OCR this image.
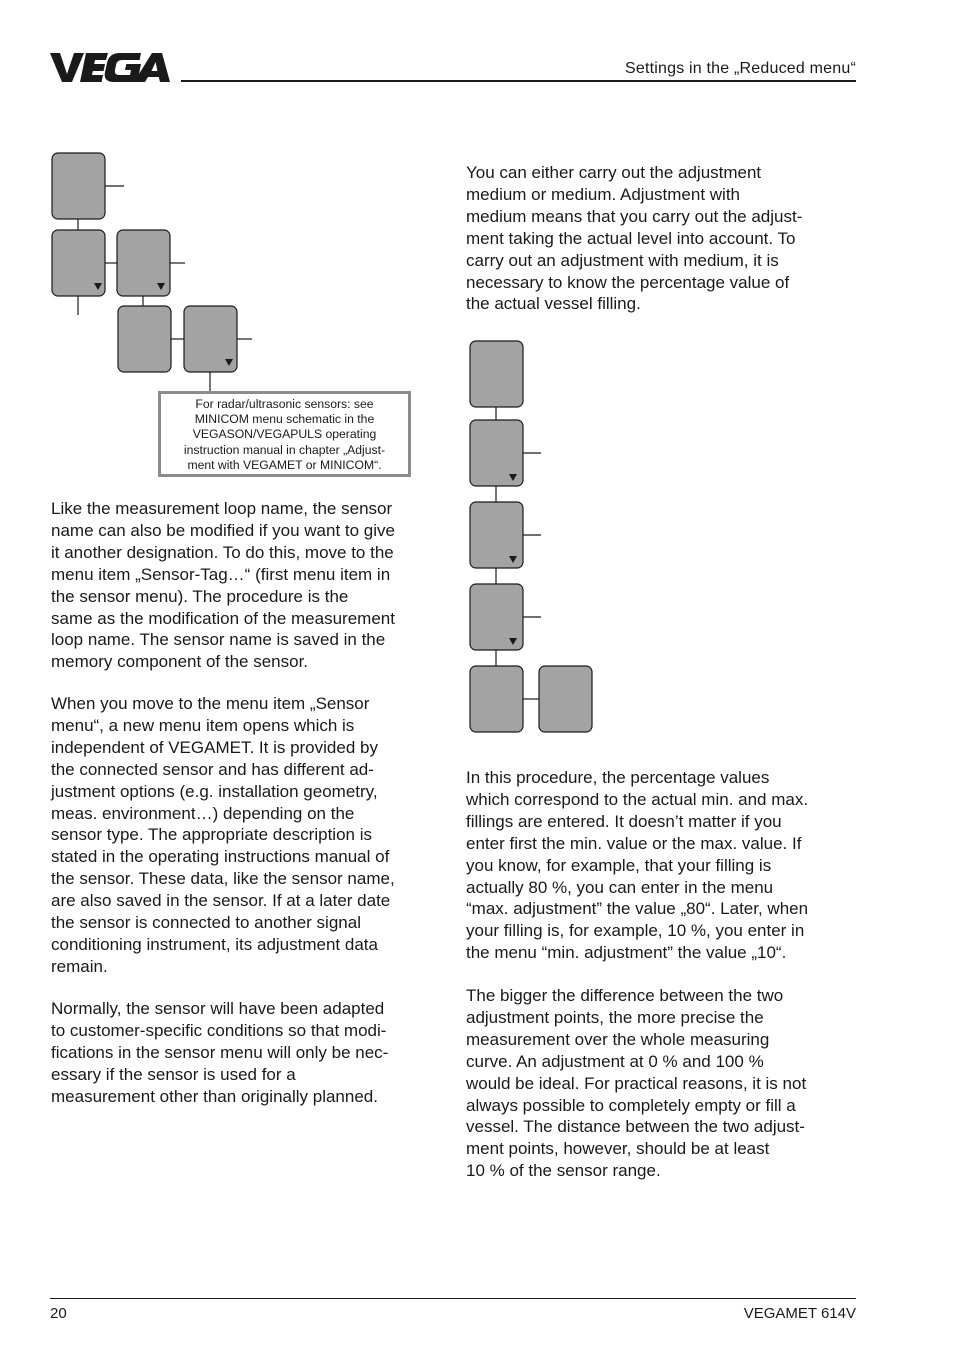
Settings in the „Reduced menu“
For radar/ultrasonic sensors: see
MINICOM menu schematic in the
VEGASON/VEGAPULS operating
instruction manual in chapter „Adjust-
ment with VEGAMET or MINICOM“.
Like the measurement loop name, the sensor
name can also be modified if you want to give
it another designation. To do this, move to the
menu item „Sensor-Tag…“ (first menu item in
the sensor menu). The procedure is the
same as the modification of the measurement
loop name. The sensor name is saved in the
memory component of the sensor.
When you move to the menu item „Sensor
menu“, a new menu item opens which is
independent of VEGAMET. It is provided by
the connected sensor and has different ad-
justment options (e.g. installation geometry,
meas. environment…) depending on the
sensor type. The appropriate description is
stated in the operating instructions manual of
the sensor. These data, like the sensor name,
are also saved in the sensor. If at a later date
the sensor is connected to another signal
conditioning instrument, its adjustment data
remain.
Normally, the sensor will have been adapted
to customer-specific conditions so that modi-
fications in the sensor menu will only be nec-
essary if the sensor is used for a
measurement other than originally planned.
You can either carry out the adjustment
medium or medium. Adjustment with
medium means that you carry out the adjust-
ment taking the actual level into account. To
carry out an adjustment with medium, it is
necessary to know the percentage value of
the actual vessel filling.
In this procedure, the percentage values
which correspond to the actual min. and max.
fillings are entered. It doesn’t matter if you
enter first the min. value or the max. value. If
you know, for example, that your filling is
actually 80 %, you can enter in the menu
“max. adjustment” the value „80“. Later, when
your filling is, for example, 10 %, you enter in
the menu “min. adjustment” the value „10“.
The bigger the difference between the two
adjustment points, the more precise the
measurement over the whole measuring
curve. An adjustment at 0 % and 100 %
would be ideal. For practical reasons, it is not
always possible to completely empty or fill a
vessel. The distance between the two adjust-
ment points, however, should be at least
10 % of the sensor range.
20	VEGAMET 614V
